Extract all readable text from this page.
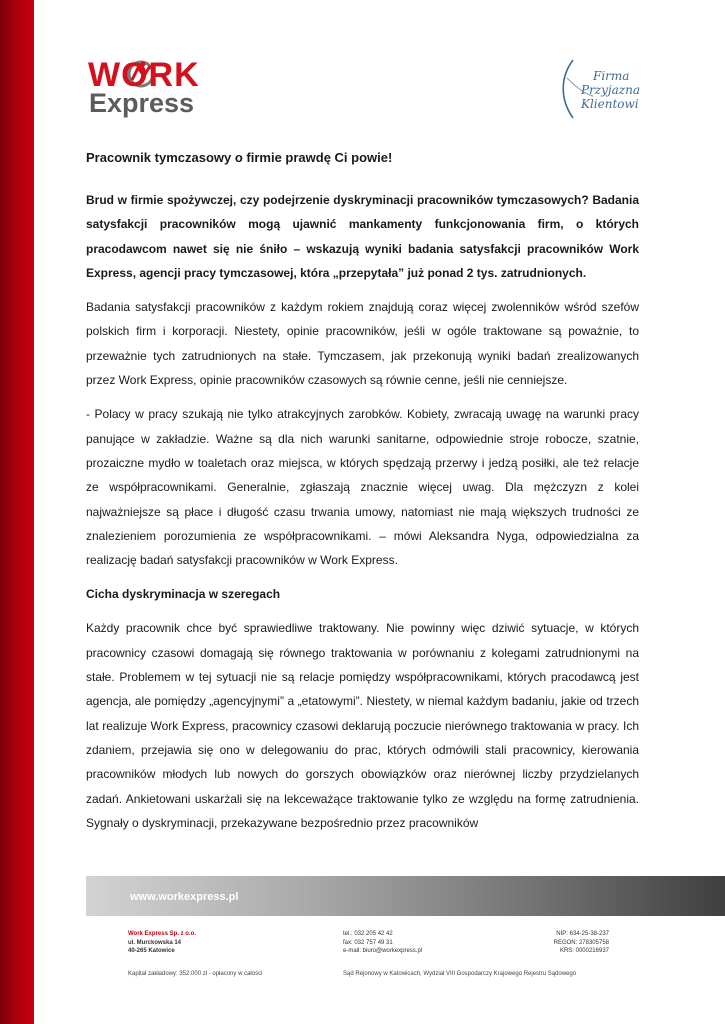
WORK
Express
Firma
Przyjazna
Klientowi

Pracownik tymczasowy o firmie prawdę Ci powie!

Brud w firmie spożywczej, czy podejrzenie dyskryminacji pracowników tymczasowych? Badania satysfakcji pracowników mogą ujawnić mankamenty funkcjonowania firm, o których pracodawcom nawet się nie śniło – wskazują wyniki badania satysfakcji pracowników Work Express, agencji pracy tymczasowej, która „przepytała” już ponad 2 tys. zatrudnionych.

Badania satysfakcji pracowników z każdym rokiem znajdują coraz więcej zwolenników wśród szefów polskich firm i korporacji. Niestety, opinie pracowników, jeśli w ogóle traktowane są poważnie, to przeważnie tych zatrudnionych na stałe. Tymczasem, jak przekonują wyniki badań zrealizowanych przez Work Express, opinie pracowników czasowych są równie cenne, jeśli nie cenniejsze.

- Polacy w pracy szukają nie tylko atrakcyjnych zarobków. Kobiety, zwracają uwagę na warunki pracy panujące w zakładzie. Ważne są dla nich warunki sanitarne, odpowiednie stroje robocze, szatnie, prozaiczne mydło w toaletach oraz miejsca, w których spędzają przerwy i jedzą posiłki, ale też relacje ze współpracownikami. Generalnie, zgłaszają znacznie więcej uwag. Dla mężczyzn z kolei najważniejsze są płace i długość czasu trwania umowy, natomiast nie mają większych trudności ze znalezieniem porozumienia ze współpracownikami. – mówi Aleksandra Nyga, odpowiedzialna za realizację badań satysfakcji pracowników w Work Express.

Cicha dyskryminacja w szeregach

Każdy pracownik chce być sprawiedliwe traktowany. Nie powinny więc dziwić sytuacje, w których pracownicy czasowi domagają się równego traktowania w porównaniu z kolegami zatrudnionymi na stałe. Problemem w tej sytuacji nie są relacje pomiędzy współpracownikami, których pracodawcą jest agencja, ale pomiędzy „agencyjnymi” a „etatowymi”. Niestety, w niemal każdym badaniu, jakie od trzech lat realizuje Work Express, pracownicy czasowi deklarują poczucie nierównego traktowania w pracy. Ich zdaniem, przejawia się ono w delegowaniu do prac, których odmówili stali pracownicy, kierowania pracowników młodych lub nowych do gorszych obowiązków oraz nierównej liczby przydzielanych zadań. Ankietowani uskarżali się na lekceważące traktowanie tylko ze względu na formę zatrudnienia. Sygnały o dyskryminacji, przekazywane bezpośrednio przez pracowników

www.workexpress.pl
Work Express Sp. z o.o.
ul. Murckowska 14
40-265 Katowice
tel.: 032 205 42 42
fax: 032 757 49 31
e-mail: biuro@workexpress.pl
NIP: 634-25-38-237
REGON: 278305758
KRS: 0000216937
Kapitał zakładowy: 352.000 zł - opłacony w całości	Sąd Rejonowy w Katowicach, Wydział VIII Gospodarczy Krajowego Rejestru Sądowego
